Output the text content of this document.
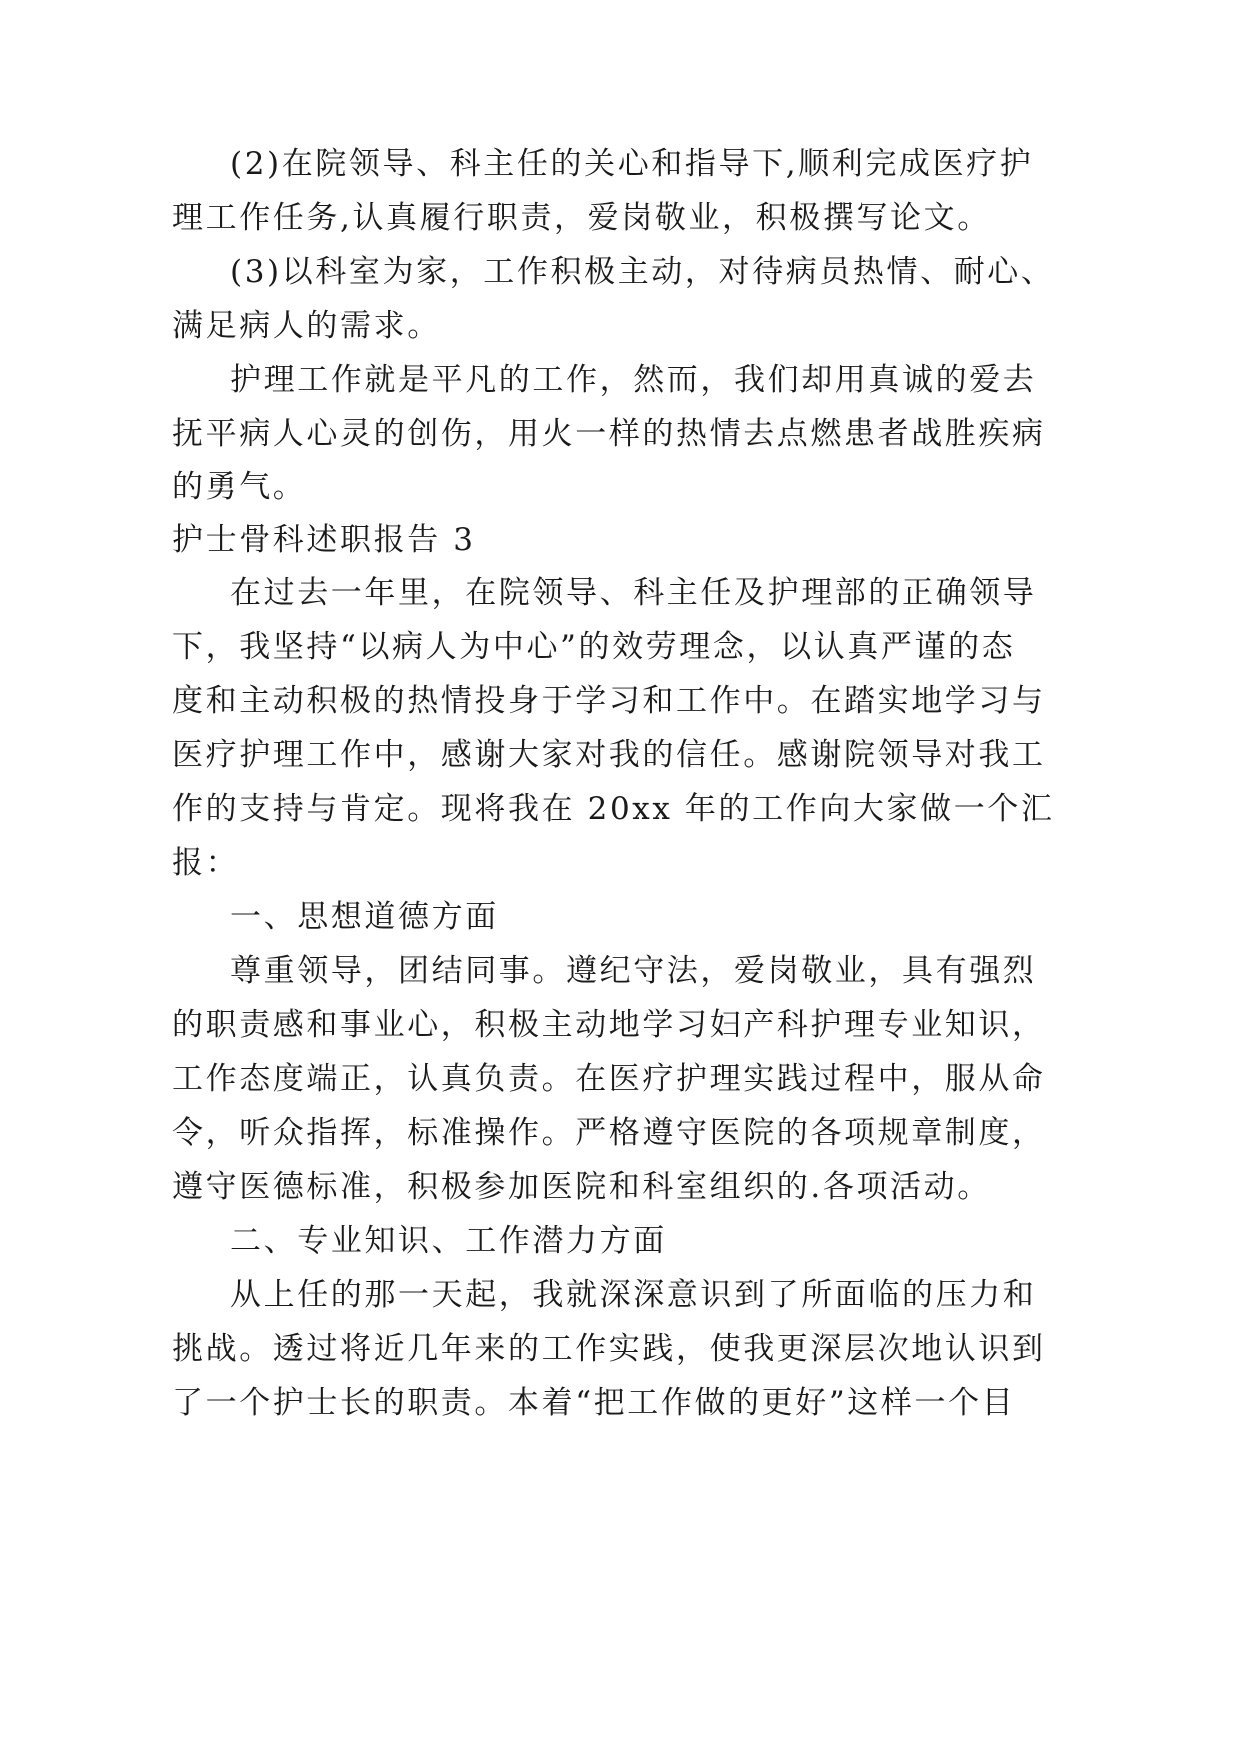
(2)在院领导、科主任的关心和指导下,顺利完成医疗护
理工作任务,认真履行职责，爱岗敬业，积极撰写论文。
(3)以科室为家，工作积极主动，对待病员热情、耐心、
满足病人的需求。
护理工作就是平凡的工作，然而，我们却用真诚的爱去
抚平病人心灵的创伤，用火一样的热情去点燃患者战胜疾病
的勇气。
护士骨科述职报告 3
在过去一年里，在院领导、科主任及护理部的正确领导
下，我坚持“以病人为中心”的效劳理念，以认真严谨的态
度和主动积极的热情投身于学习和工作中。在踏实地学习与
医疗护理工作中，感谢大家对我的信任。感谢院领导对我工
作的支持与肯定。现将我在 20xx 年的工作向大家做一个汇
报：
一、思想道德方面
尊重领导，团结同事。遵纪守法，爱岗敬业，具有强烈
的职责感和事业心，积极主动地学习妇产科护理专业知识，
工作态度端正，认真负责。在医疗护理实践过程中，服从命
令，听众指挥，标准操作。严格遵守医院的各项规章制度，
遵守医德标准，积极参加医院和科室组织的.各项活动。
二、专业知识、工作潜力方面
从上任的那一天起，我就深深意识到了所面临的压力和
挑战。透过将近几年来的工作实践，使我更深层次地认识到
了一个护士长的职责。本着“把工作做的更好”这样一个目
